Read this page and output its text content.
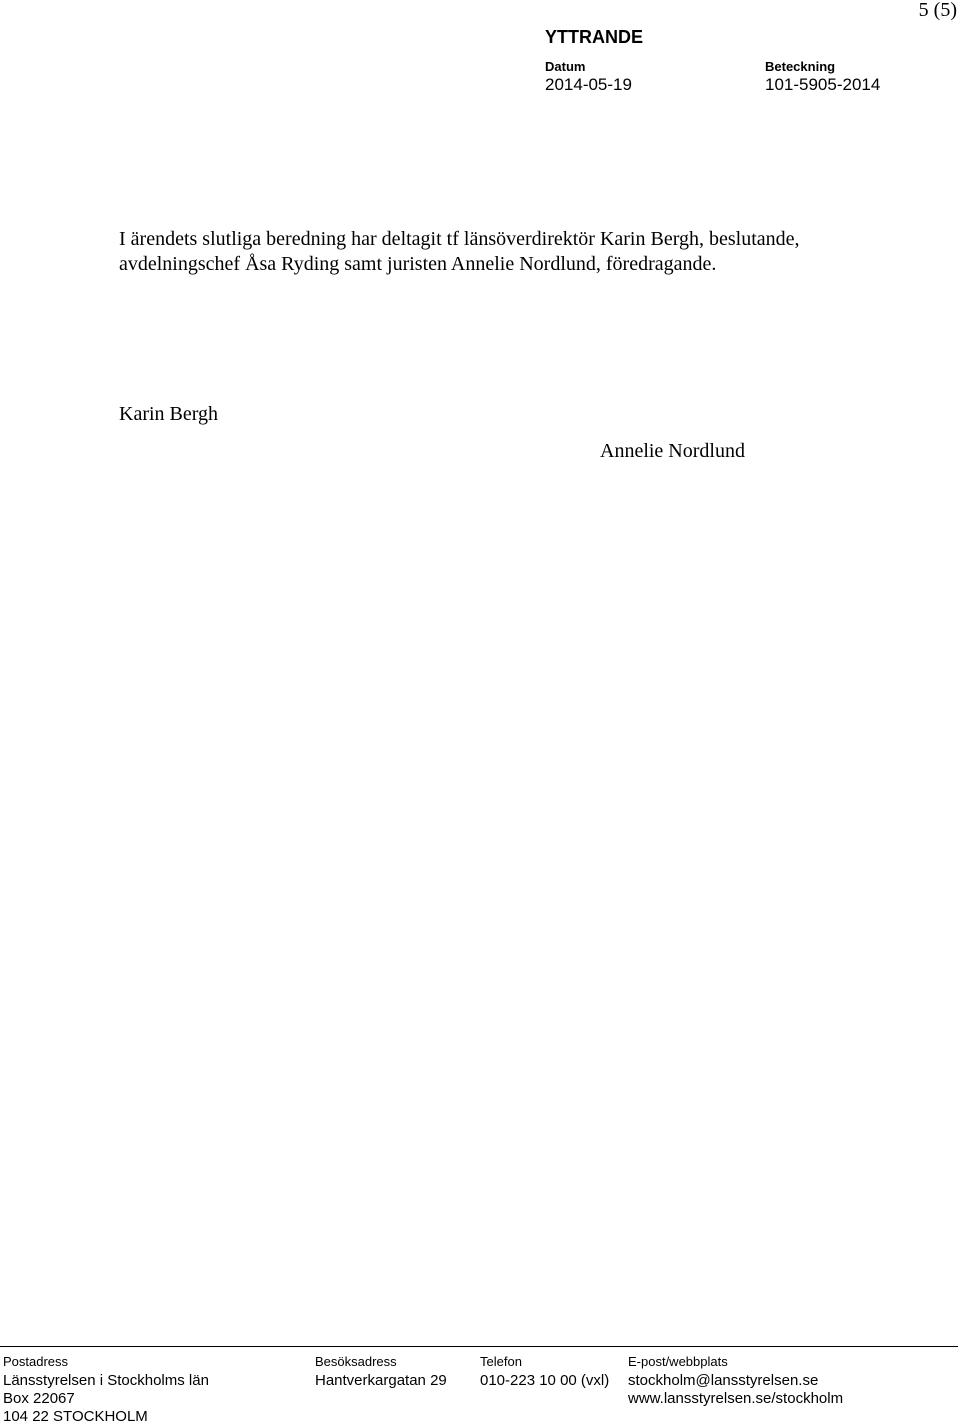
5 (5)
YTTRANDE
Datum
2014-05-19
Beteckning
101-5905-2014

I ärendets slutliga beredning har deltagit tf länsöverdirektör Karin Bergh, beslutande, avdelningschef Åsa Ryding samt juristen Annelie Nordlund, föredragande.

Karin Bergh
Annelie Nordlund
Postadress
Länsstyrelsen i Stockholms län
Box 22067
104 22 STOCKHOLM
Besöksadress
Hantverkargatan 29
Telefon
010-223 10 00 (vxl)
E-post/webbplats
stockholm@lansstyrelsen.se
www.lansstyrelsen.se/stockholm
